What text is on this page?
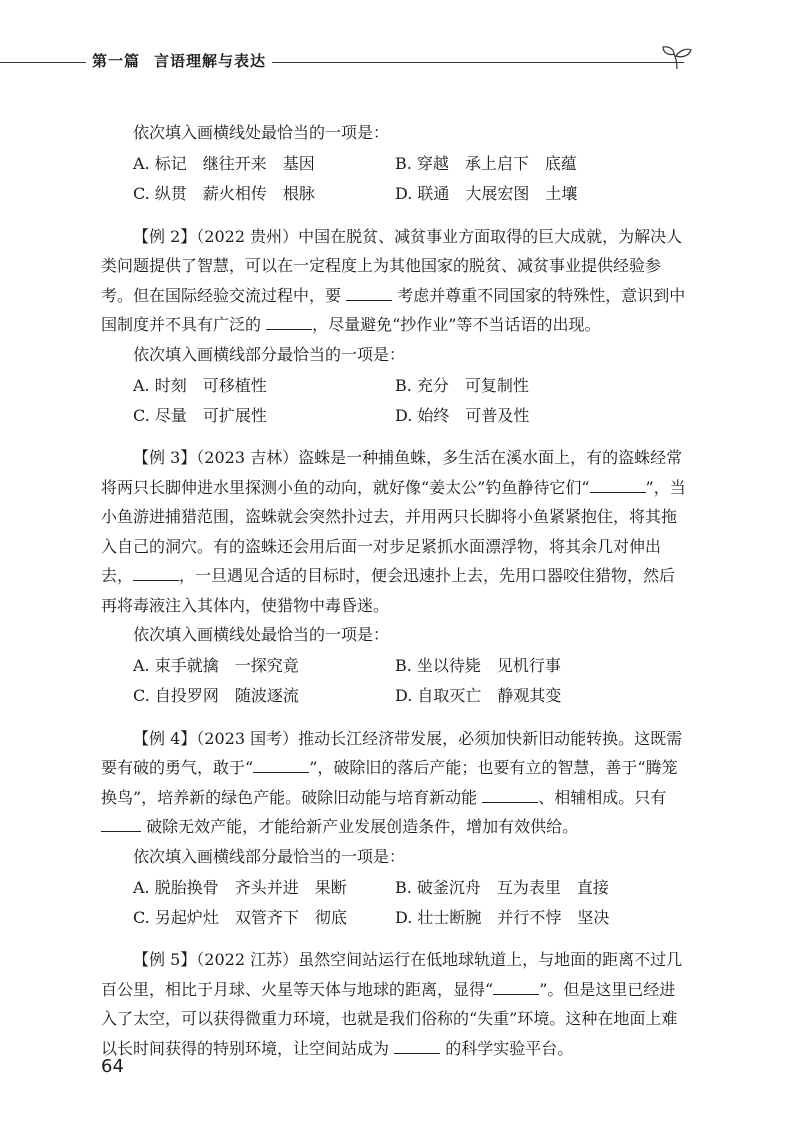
第一篇 言语理解与表达

依次填入画横线处最恰当的一项是：

A. 标记　继往开来　基因	B. 穿越　承上启下　底蕴
C. 纵贯　薪火相传　根脉	D. 联通　大展宏图　土壤

【例 2】（2022 贵州）中国在脱贫、减贫事业方面取得的巨大成就，为解决人类问题提供了智慧，可以在一定程度上为其他国家的脱贫、减贫事业提供经验参考。但在国际经验交流过程中，要	考虑并尊重不同国家的特殊性，意识到中国制度并不具有广泛的	，尽量避免“抄作业”等不当话语的出现。

依次填入画横线部分最恰当的一项是：

A. 时刻　可移植性	B. 充分　可复制性
C. 尽量　可扩展性	D. 始终　可普及性

【例 3】（2023 吉林）盗蛛是一种捕鱼蛛，多生活在溪水面上，有的盗蛛经常将两只长脚伸进水里探测小鱼的动向，就好像“姜太公”钓鱼静待它们“	”，当小鱼游进捕猎范围，盗蛛就会突然扑过去，并用两只长脚将小鱼紧紧抱住，将其拖入自己的洞穴。有的盗蛛还会用后面一对步足紧抓水面漂浮物，将其余几对伸出去，	，一旦遇见合适的目标时，便会迅速扑上去，先用口器咬住猎物，然后再将毒液注入其体内，使猎物中毒昏迷。

依次填入画横线处最恰当的一项是：

A. 束手就擒　一探究竟	B. 坐以待毙　见机行事
C. 自投罗网　随波逐流	D. 自取灭亡　静观其变

【例 4】（2023 国考）推动长江经济带发展，必须加快新旧动能转换。这既需要有破的勇气，敢于“	”，破除旧的落后产能；也要有立的智慧，善于“腾笼换鸟”，培养新的绿色产能。破除旧动能与培育新动能	、相辅相成。只有 破除无效产能，才能给新产业发展创造条件，增加有效供给。

依次填入画横线部分最恰当的一项是：

A. 脱胎换骨　齐头并进　果断	B. 破釜沉舟　互为表里　直接
C. 另起炉灶　双管齐下　彻底	D. 壮士断腕　并行不悖　坚决

【例 5】（2022 江苏）虽然空间站运行在低地球轨道上，与地面的距离不过几百公里，相比于月球、火星等天体与地球的距离，显得“	”。但是这里已经进入了太空，可以获得微重力环境，也就是我们俗称的“失重”环境。这种在地面上难以长时间获得的特别环境，让空间站成为	的科学实验平台。

64
